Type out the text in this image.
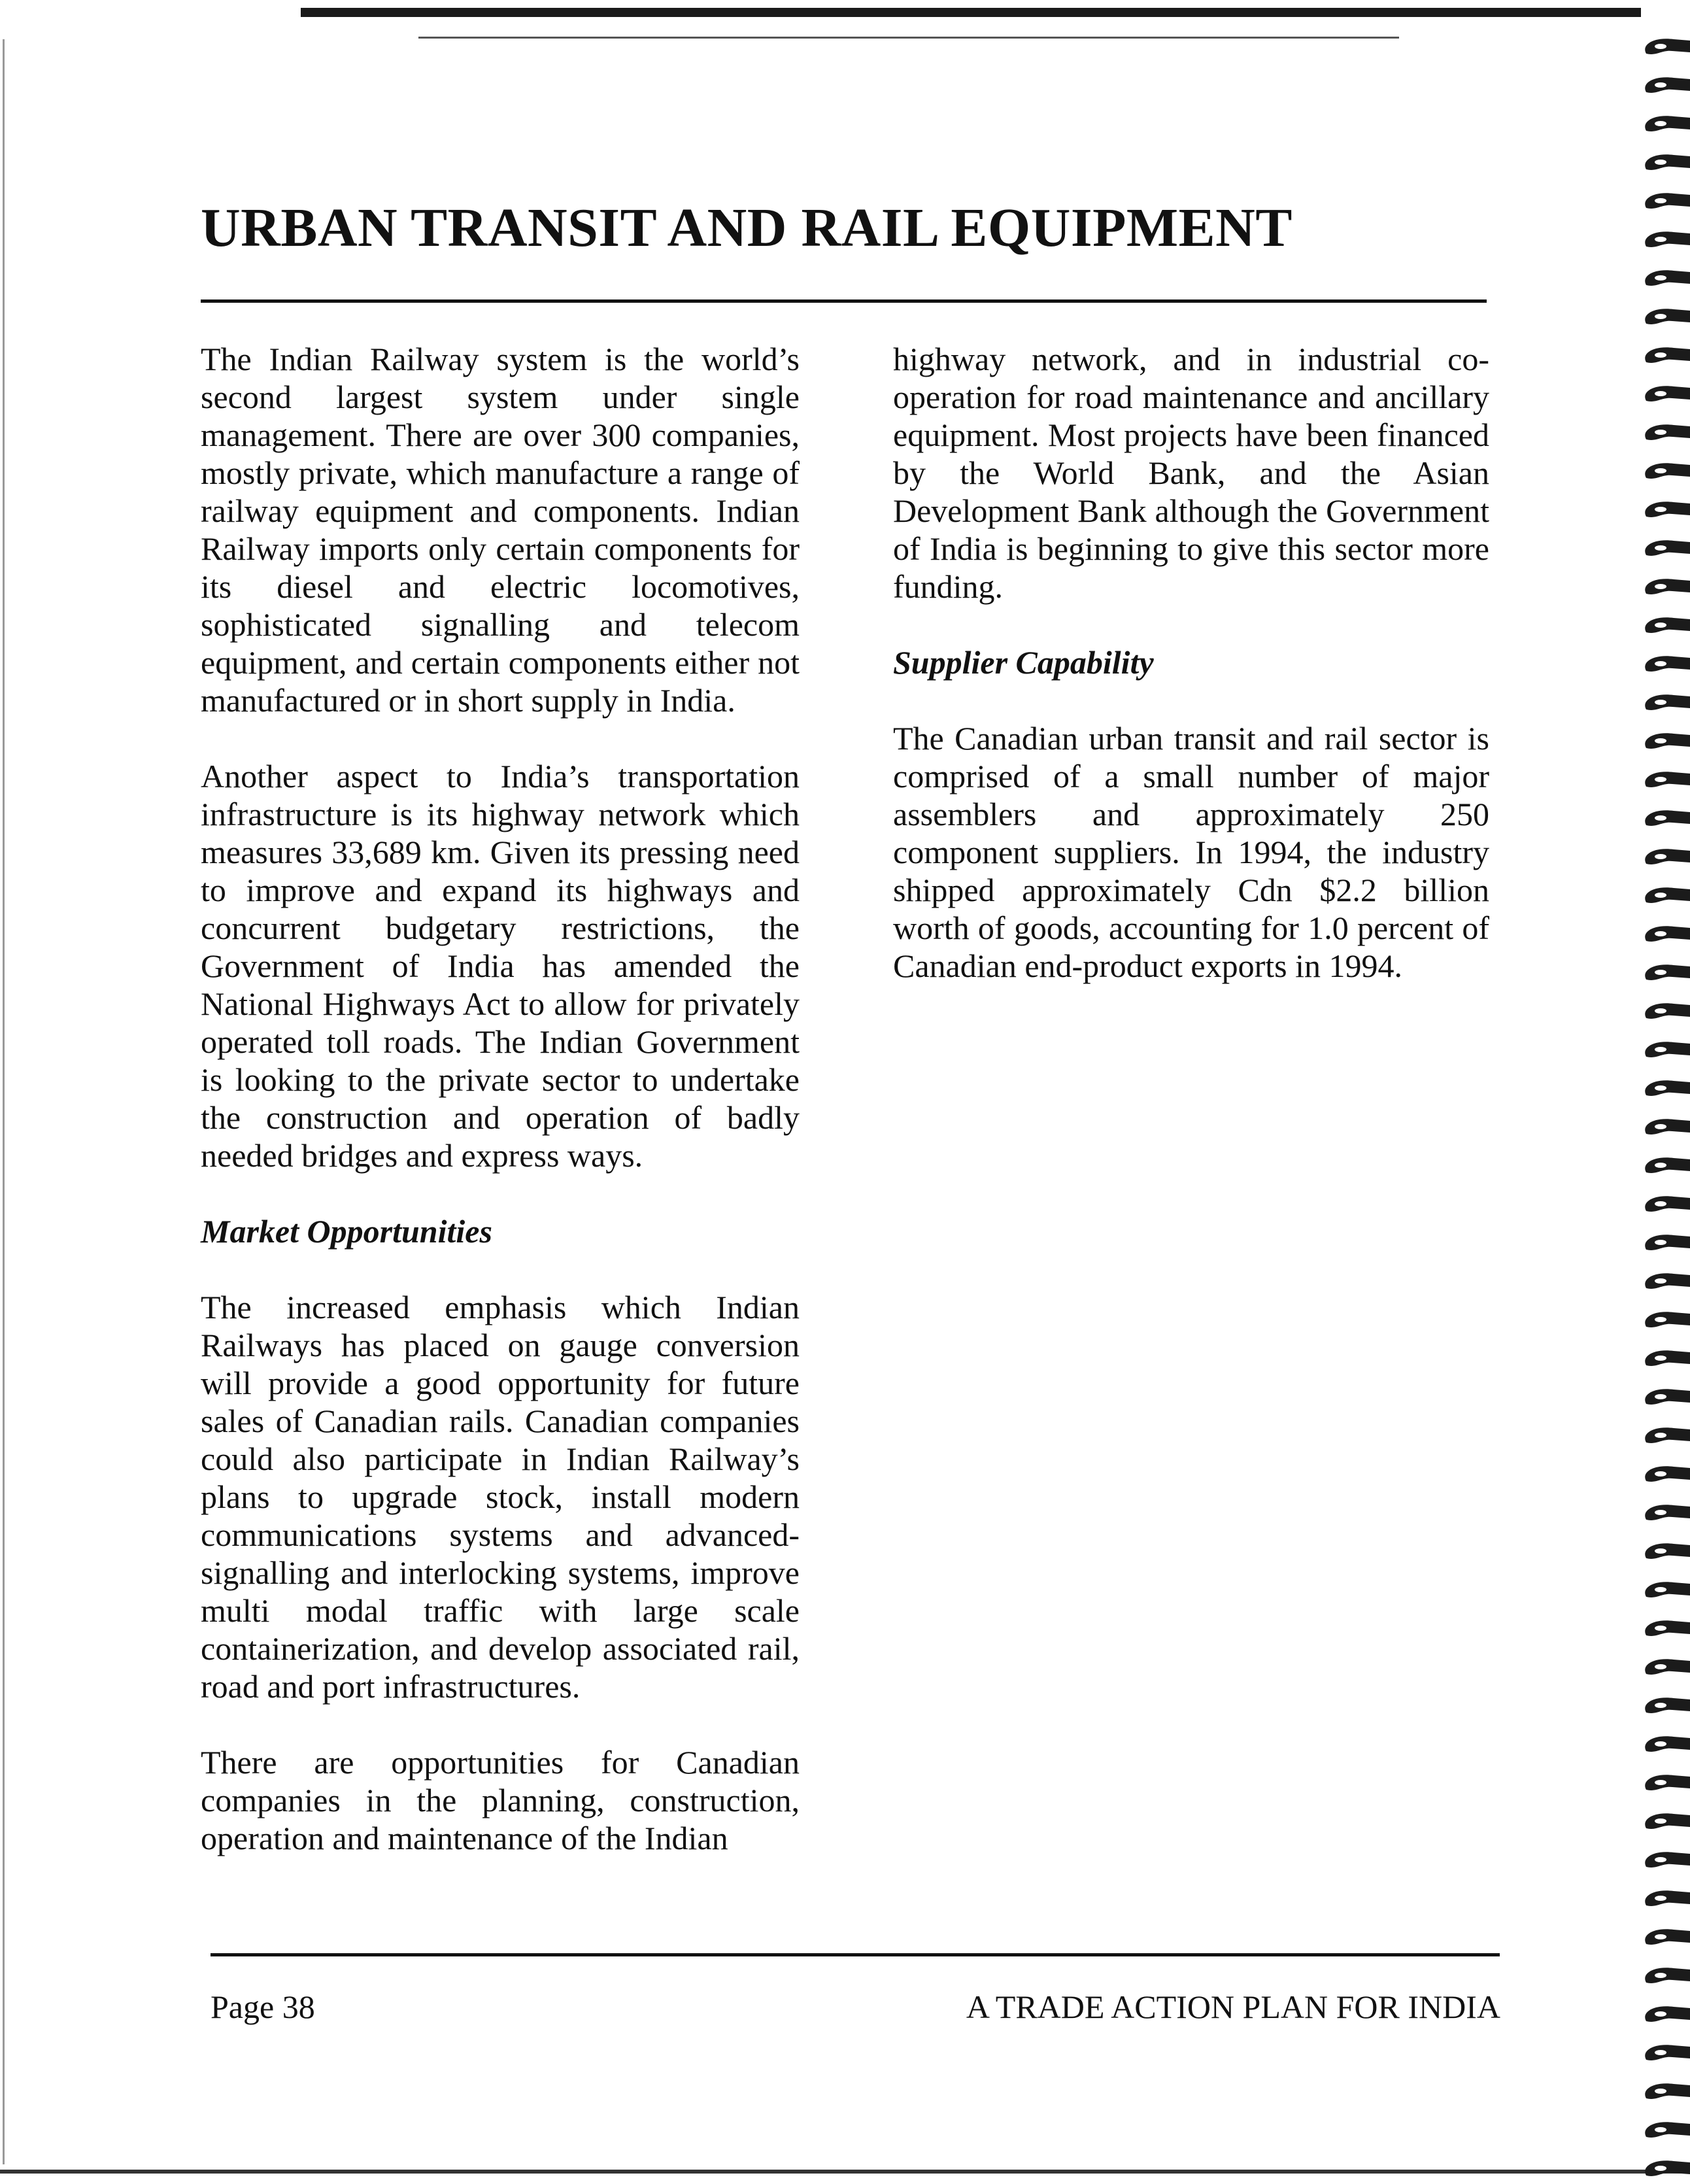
URBAN TRANSIT AND RAIL EQUIPMENT

The Indian Railway system is the world’s second largest system under single management. There are over 300 companies, mostly private, which manufacture a range of railway equipment and components. Indian Railway imports only certain components for its diesel and electric locomotives, sophisticated signalling and telecom equipment, and certain components either not manufactured or in short supply in India.

Another aspect to India’s transportation infrastructure is its highway network which measures 33,689 km. Given its pressing need to improve and expand its highways and concurrent budgetary restrictions, the Government of India has amended the National Highways Act to allow for privately operated toll roads. The Indian Government is looking to the private sector to undertake the construction and operation of badly needed bridges and express ways.

Market Opportunities

The increased emphasis which Indian Railways has placed on gauge conversion will provide a good opportunity for future sales of Canadian rails. Canadian companies could also participate in Indian Railway’s plans to upgrade stock, install modern communications systems and advanced-signalling and interlocking systems, improve multi modal traffic with large scale containerization, and develop associated rail, road and port infrastructures.

There are opportunities for Canadian companies in the planning, construction, operation and maintenance of the Indian

highway network, and in industrial co-operation for road maintenance and ancillary equipment. Most projects have been financed by the World Bank, and the Asian Development Bank although the Government of India is beginning to give this sector more funding.

Supplier Capability

The Canadian urban transit and rail sector is comprised of a small number of major assemblers and approximately 250 component suppliers. In 1994, the industry shipped approximately Cdn $2.2 billion worth of goods, accounting for 1.0 percent of Canadian end-product exports in 1994.

Page 38	A TRADE ACTION PLAN FOR INDIA
